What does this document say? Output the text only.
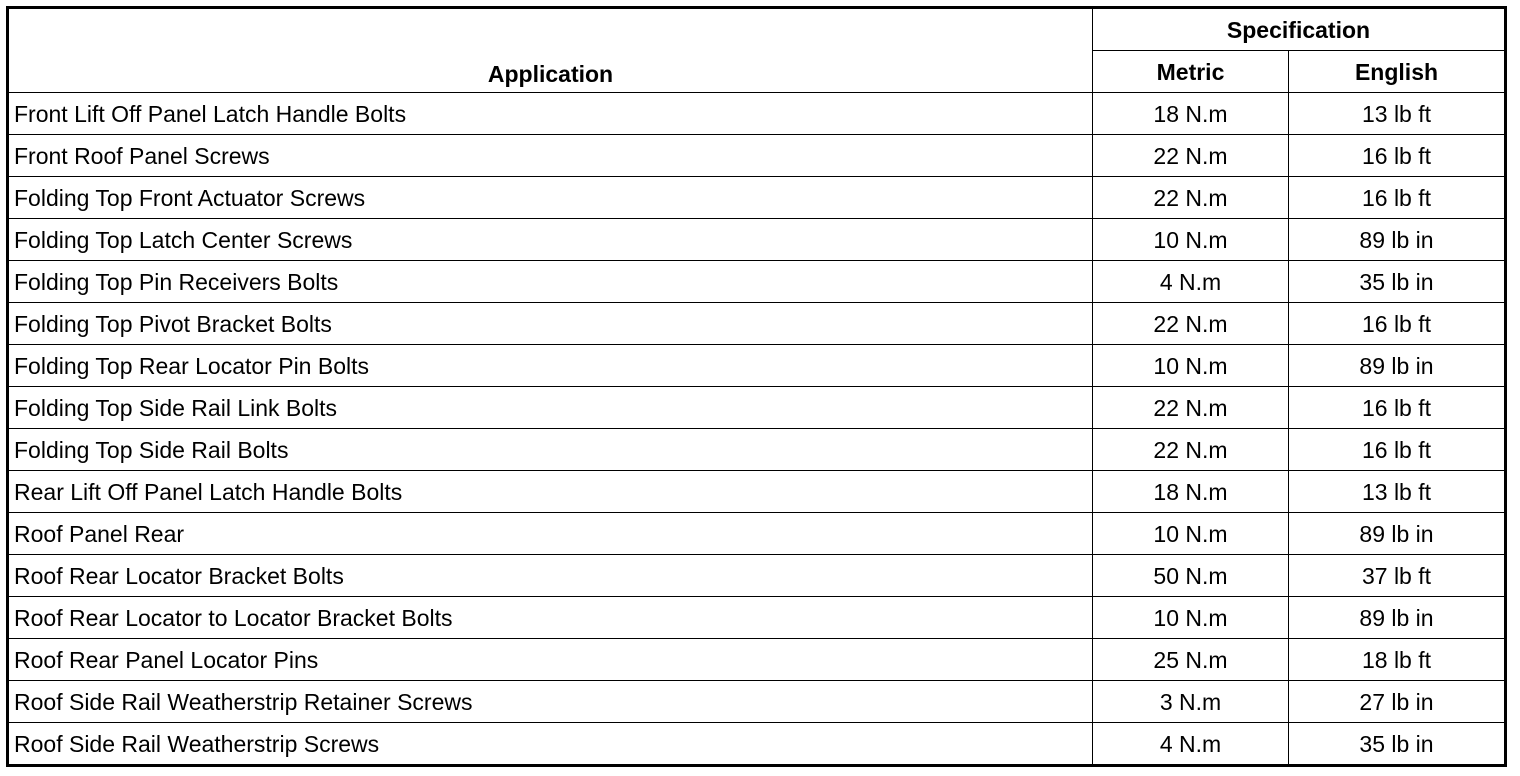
Application	Specification	
	Metric	English
Front Lift Off Panel Latch Handle Bolts	18 N.m	13 lb ft
Front Roof Panel Screws	22 N.m	16 lb ft
Folding Top Front Actuator Screws	22 N.m	16 lb ft
Folding Top Latch Center Screws	10 N.m	89 lb in
Folding Top Pin Receivers Bolts	4 N.m	35 lb in
Folding Top Pivot Bracket Bolts	22 N.m	16 lb ft
Folding Top Rear Locator Pin Bolts	10 N.m	89 lb in
Folding Top Side Rail Link Bolts	22 N.m	16 lb ft
Folding Top Side Rail Bolts	22 N.m	16 lb ft
Rear Lift Off Panel Latch Handle Bolts	18 N.m	13 lb ft
Roof Panel Rear	10 N.m	89 lb in
Roof Rear Locator Bracket Bolts	50 N.m	37 lb ft
Roof Rear Locator to Locator Bracket Bolts	10 N.m	89 lb in
Roof Rear Panel Locator Pins	25 N.m	18 lb ft
Roof Side Rail Weatherstrip Retainer Screws	3 N.m	27 lb in
Roof Side Rail Weatherstrip Screws	4 N.m	35 lb in
